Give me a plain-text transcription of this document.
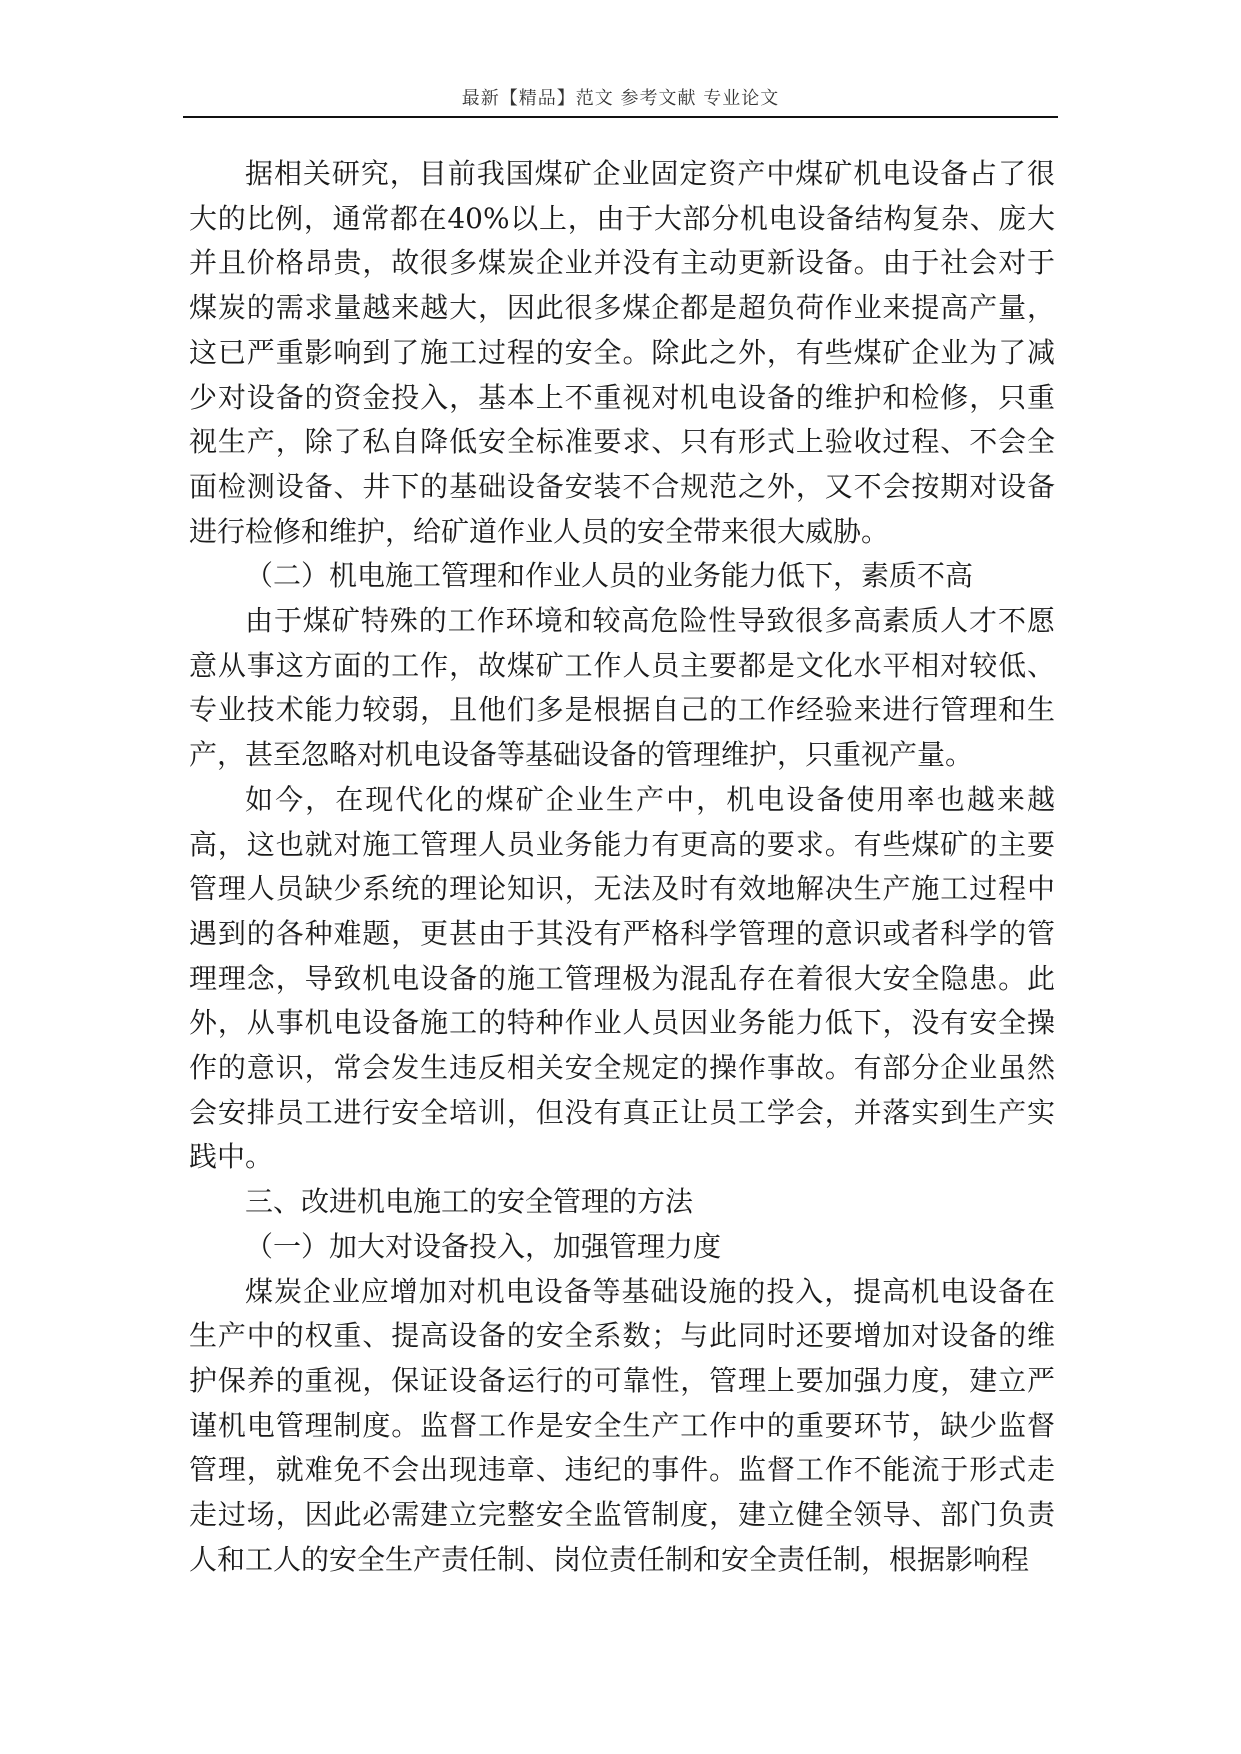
最新【精品】范文 参考文献 专业论文

据相关研究，目前我国煤矿企业固定资产中煤矿机电设备占了很大的比例，通常都在40%以上，由于大部分机电设备结构复杂、庞大并且价格昂贵，故很多煤炭企业并没有主动更新设备。由于社会对于煤炭的需求量越来越大，因此很多煤企都是超负荷作业来提高产量，这已严重影响到了施工过程的安全。除此之外，有些煤矿企业为了减少对设备的资金投入，基本上不重视对机电设备的维护和检修，只重视生产，除了私自降低安全标准要求、只有形式上验收过程、不会全面检测设备、井下的基础设备安装不合规范之外，又不会按期对设备进行检修和维护，给矿道作业人员的安全带来很大威胁。

（二）机电施工管理和作业人员的业务能力低下，素质不高

由于煤矿特殊的工作环境和较高危险性导致很多高素质人才不愿意从事这方面的工作，故煤矿工作人员主要都是文化水平相对较低、专业技术能力较弱，且他们多是根据自己的工作经验来进行管理和生产，甚至忽略对机电设备等基础设备的管理维护，只重视产量。

如今，在现代化的煤矿企业生产中，机电设备使用率也越来越高，这也就对施工管理人员业务能力有更高的要求。有些煤矿的主要管理人员缺少系统的理论知识，无法及时有效地解决生产施工过程中遇到的各种难题，更甚由于其没有严格科学管理的意识或者科学的管理理念，导致机电设备的施工管理极为混乱存在着很大安全隐患。此外，从事机电设备施工的特种作业人员因业务能力低下，没有安全操作的意识，常会发生违反相关安全规定的操作事故。有部分企业虽然会安排员工进行安全培训，但没有真正让员工学会，并落实到生产实践中。

三、改进机电施工的安全管理的方法

（一）加大对设备投入，加强管理力度

煤炭企业应增加对机电设备等基础设施的投入，提高机电设备在生产中的权重、提高设备的安全系数；与此同时还要增加对设备的维护保养的重视，保证设备运行的可靠性，管理上要加强力度，建立严谨机电管理制度。监督工作是安全生产工作中的重要环节，缺少监督管理，就难免不会出现违章、违纪的事件。监督工作不能流于形式走走过场，因此必需建立完整安全监管制度，建立健全领导、部门负责人和工人的安全生产责任制、岗位责任制和安全责任制，根据影响程
